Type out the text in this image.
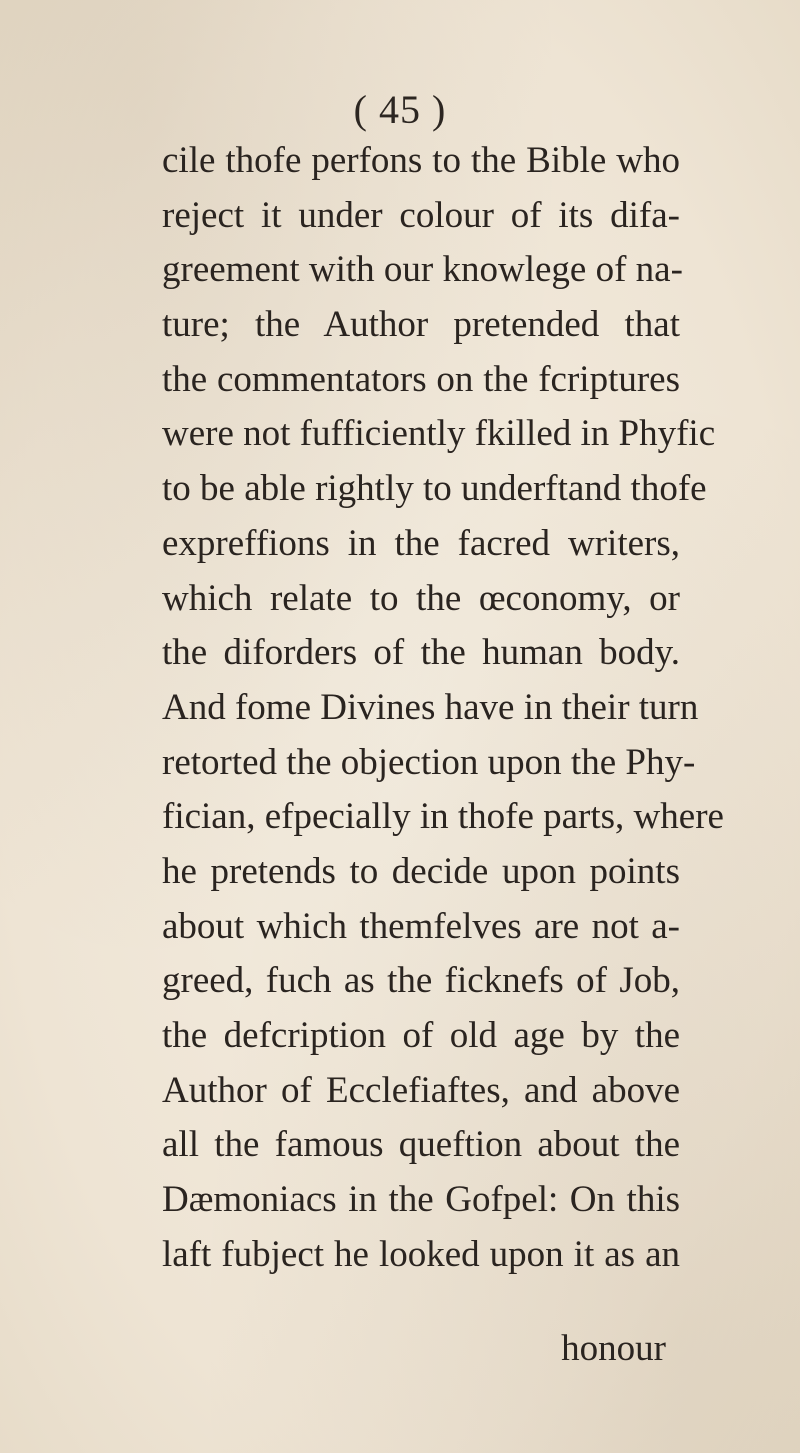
( 45 )
cile thofe perfons to the Bible who
reject it under colour of its difa-
greement with our knowlege of na-
ture; the Author pretended that
the commentators on the fcriptures
were not fufficiently fkilled in Phyfic
to be able rightly to underftand thofe
expreffions in the facred writers,
which relate to the œconomy, or
the diforders of the human body.
And fome Divines have in their turn
retorted the objection upon the Phy-
fician, efpecially in thofe parts, where
he pretends to decide upon points
about which themfelves are not a-
greed, fuch as the ficknefs of Job,
the defcription of old age by the
Author of Ecclefiaftes, and above
all the famous queftion about the
Dæmoniacs in the Gofpel: On this
laft fubject he looked upon it as an
honour
